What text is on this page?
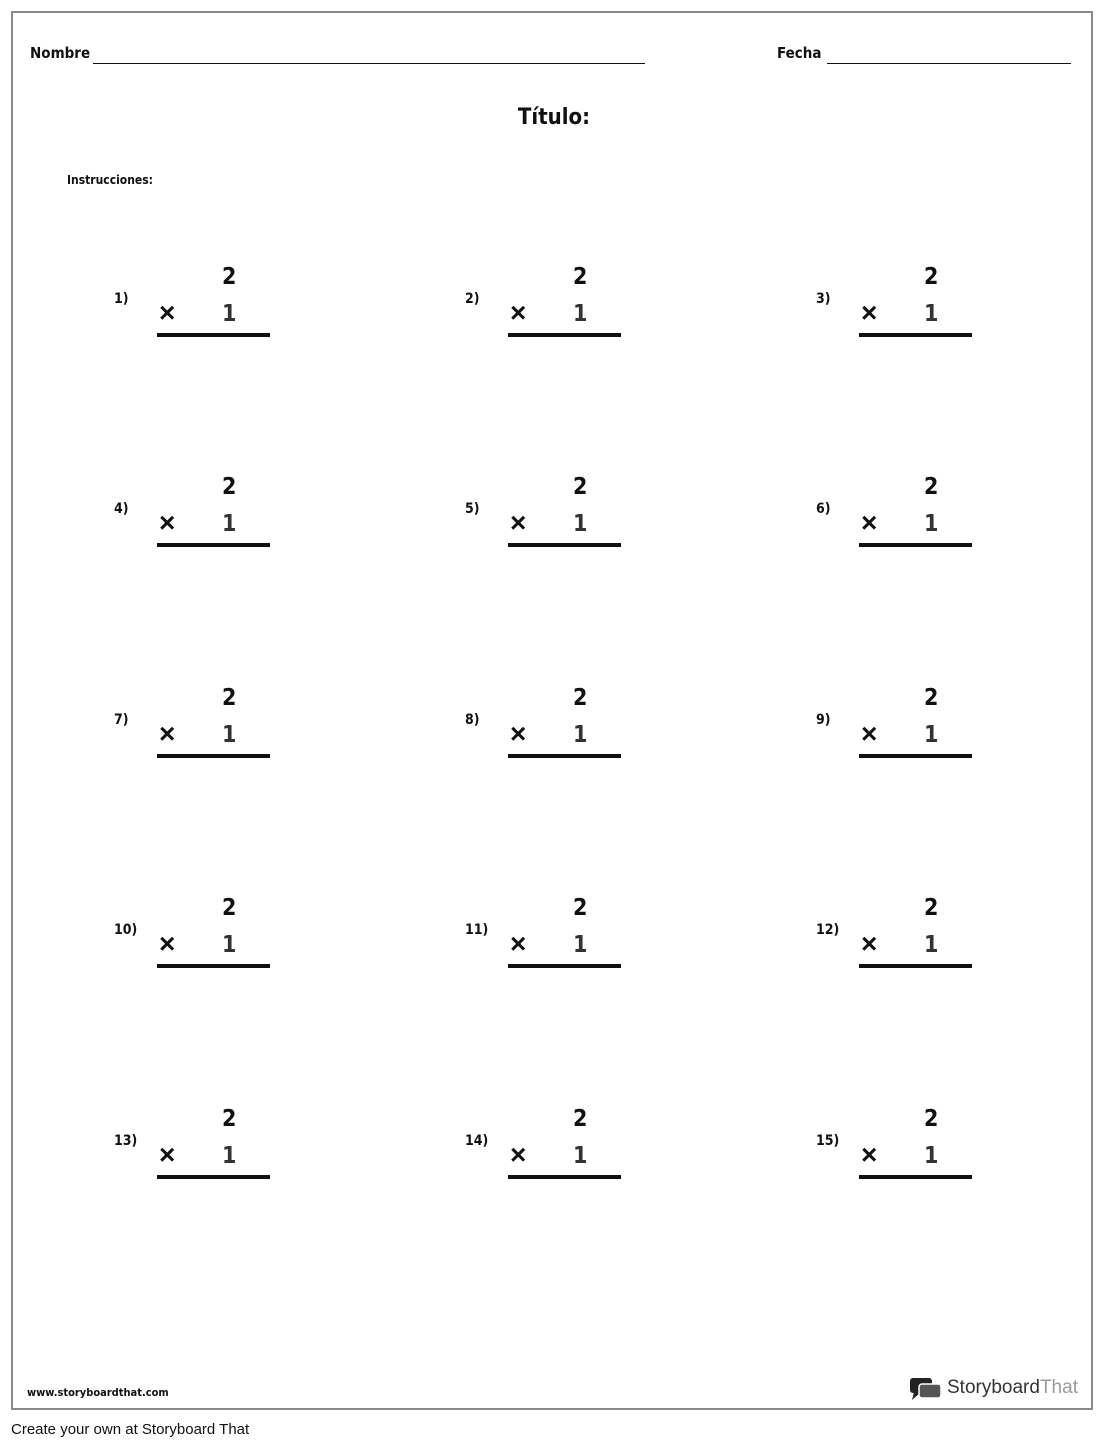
Nombre	Fecha
Título:
Instrucciones:
1)
2
× 1
2)
2
× 1
3)
2
× 1
4)
2
× 1
5)
2
× 1
6)
2
× 1
7)
2
× 1
8)
2
× 1
9)
2
× 1
10)
2
× 1
11)
2
× 1
12)
2
× 1
13)
2
× 1
14)
2
× 1
15)
2
× 1
www.storyboardthat.com	StoryboardThat
Create your own at Storyboard That
